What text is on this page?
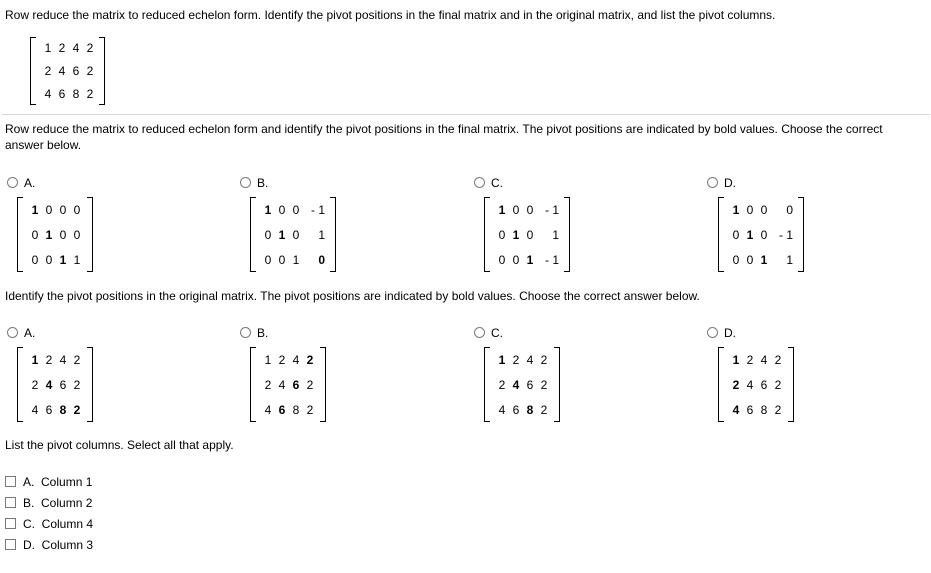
Row reduce the matrix to reduced echelon form. Identify the pivot positions in the final matrix and in the original matrix, and list the pivot columns.
1 2 4 2
2 4 6 2
4 6 8 2
Row reduce the matrix to reduced echelon form and identify the pivot positions in the final matrix. The pivot positions are indicated by bold values. Choose the correct answer below.
A.
1 0 0 0
0 1 0 0
0 0 1 1
B.
1 0 0 - 1
0 1 0	1
0 0 1	0
C.
1 0 0 - 1
0 1 0	1
0 0 1 - 1
D.
1 0 0	0
0 1 0 - 1
0 0 1	1
Identify the pivot positions in the original matrix. The pivot positions are indicated by bold values. Choose the correct answer below.
A.
1 2 4 2
2 4 6 2
4 6 8 2
B.
1 2 4 2
2 4 6 2
4 6 8 2
C.
1 2 4 2
2 4 6 2
4 6 8 2
D.
1 2 4 2
2 4 6 2
4 6 8 2
List the pivot columns. Select all that apply.
A. Column 1
B. Column 2
C. Column 4
D. Column 3
